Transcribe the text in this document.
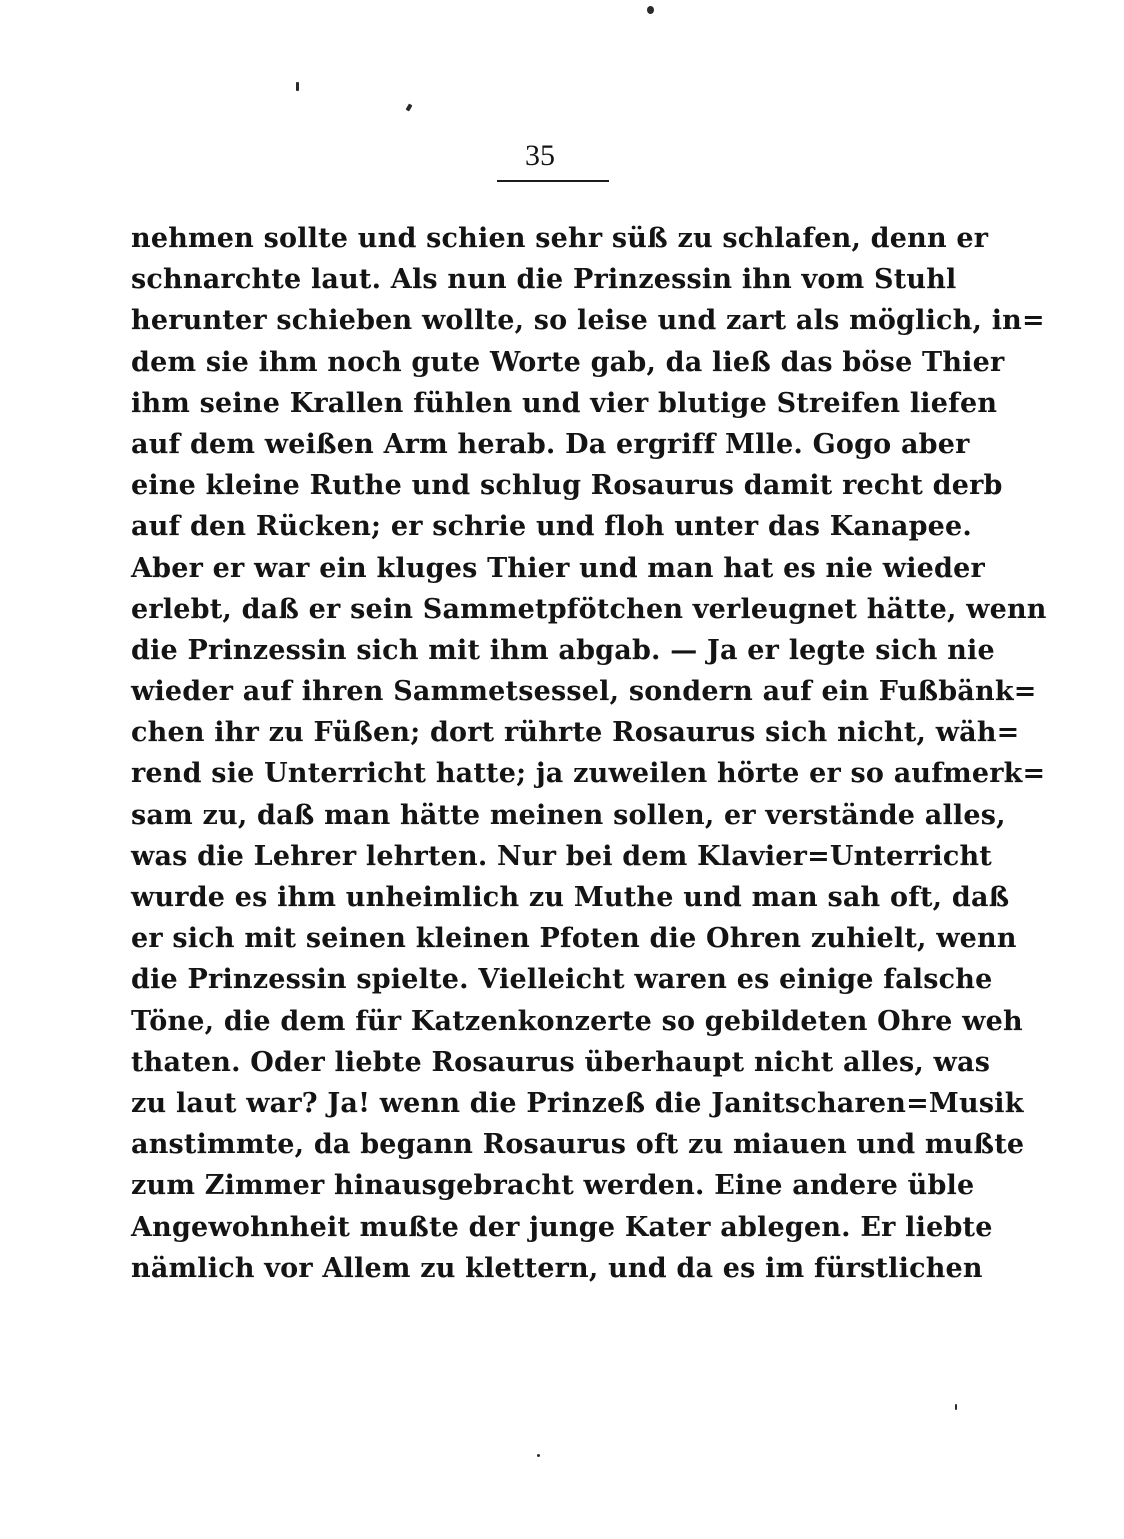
35
nehmen sollte und schien sehr süß zu schlafen, denn er
schnarchte laut. Als nun die Prinzessin ihn vom Stuhl
herunter schieben wollte, so leise und zart als möglich, in=
dem sie ihm noch gute Worte gab, da ließ das böse Thier
ihm seine Krallen fühlen und vier blutige Streifen liefen
auf dem weißen Arm herab. Da ergriff Mlle. Gogo aber
eine kleine Ruthe und schlug Rosaurus damit recht derb
auf den Rücken; er schrie und floh unter das Kanapee.
Aber er war ein kluges Thier und man hat es nie wieder
erlebt, daß er sein Sammetpfötchen verleugnet hätte, wenn
die Prinzessin sich mit ihm abgab. — Ja er legte sich nie
wieder auf ihren Sammetsessel, sondern auf ein Fußbänk=
chen ihr zu Füßen; dort rührte Rosaurus sich nicht, wäh=
rend sie Unterricht hatte; ja zuweilen hörte er so aufmerk=
sam zu, daß man hätte meinen sollen, er verstände alles,
was die Lehrer lehrten. Nur bei dem Klavier=Unterricht
wurde es ihm unheimlich zu Muthe und man sah oft, daß
er sich mit seinen kleinen Pfoten die Ohren zuhielt, wenn
die Prinzessin spielte. Vielleicht waren es einige falsche
Töne, die dem für Katzenkonzerte so gebildeten Ohre weh
thaten. Oder liebte Rosaurus überhaupt nicht alles, was
zu laut war? Ja! wenn die Prinzeß die Janitscharen=Musik
anstimmte, da begann Rosaurus oft zu miauen und mußte
zum Zimmer hinausgebracht werden. Eine andere üble
Angewohnheit mußte der junge Kater ablegen. Er liebte
nämlich vor Allem zu klettern, und da es im fürstlichen
